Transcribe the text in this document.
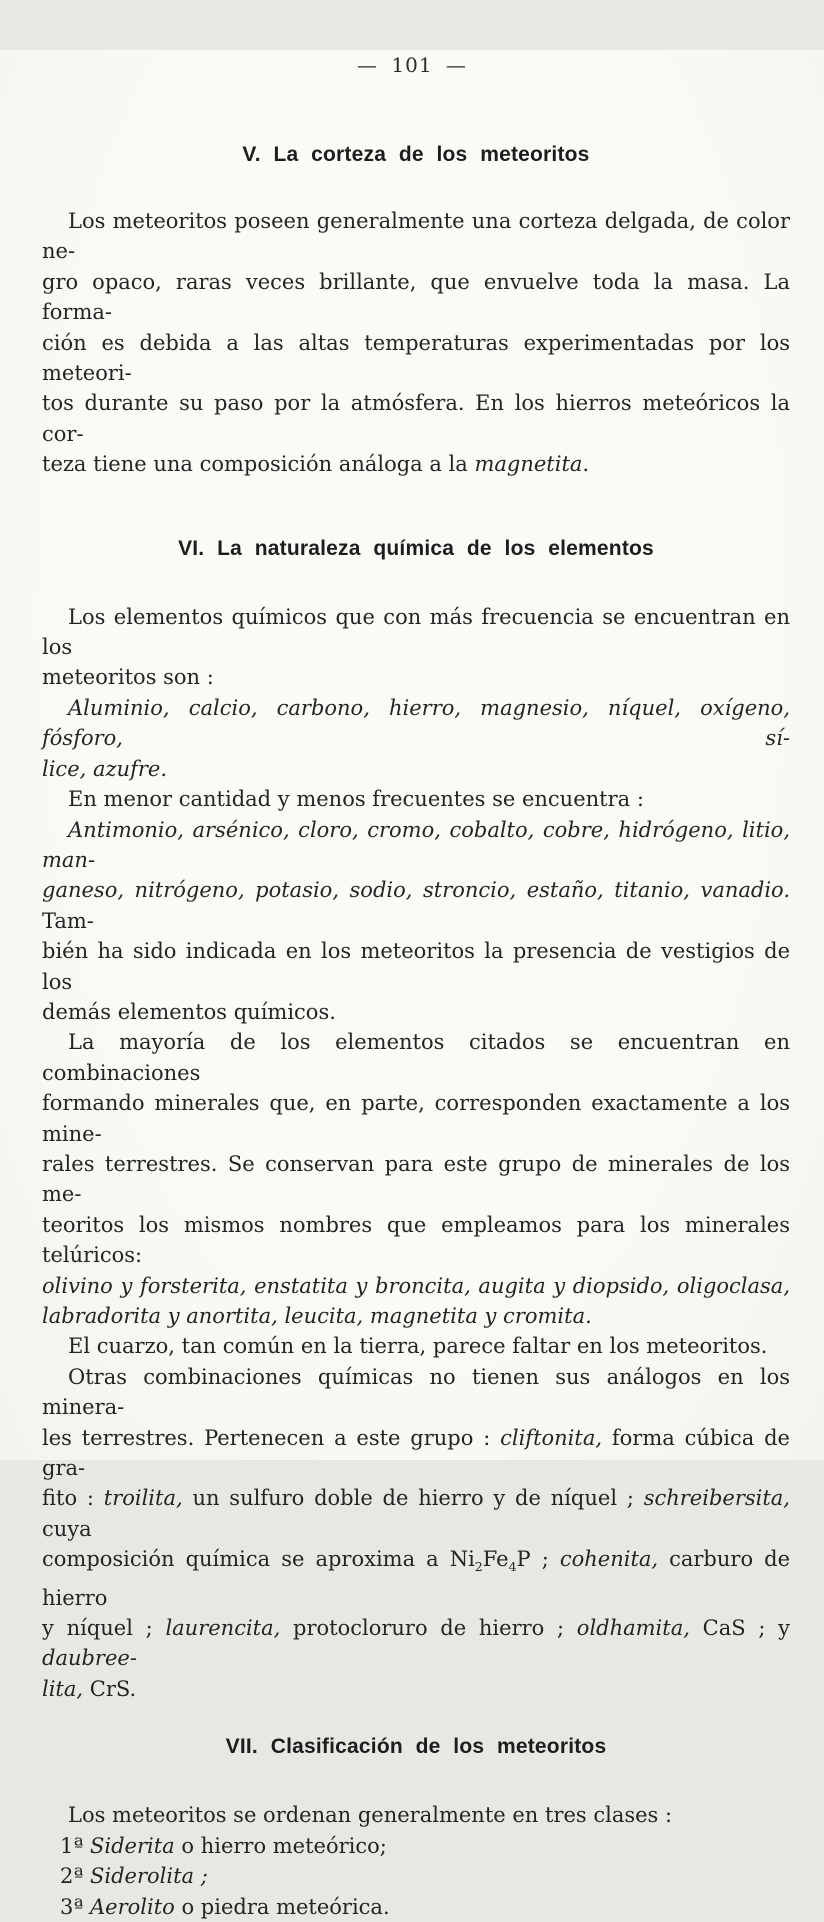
— 101 —
V. La corteza de los meteoritos
Los meteoritos poseen generalmente una corteza delgada, de color ne-
gro opaco, raras veces brillante, que envuelve toda la masa. La forma-
ción es debida a las altas temperaturas experimentadas por los meteori-
tos durante su paso por la atmósfera. En los hierros meteóricos la cor-
teza tiene una composición análoga a la magnetita.
VI. La naturaleza química de los elementos
Los elementos químicos que con más frecuencia se encuentran en los
meteoritos son :
Aluminio, calcio, carbono, hierro, magnesio, níquel, oxígeno, fósforo, sí-
lice, azufre.
En menor cantidad y menos frecuentes se encuentra :
Antimonio, arsénico, cloro, cromo, cobalto, cobre, hidrógeno, litio, man-
ganeso, nitrógeno, potasio, sodio, stroncio, estaño, titanio, vanadio. Tam-
bién ha sido indicada en los meteoritos la presencia de vestigios de los
demás elementos químicos.
La mayoría de los elementos citados se encuentran en combinaciones
formando minerales que, en parte, corresponden exactamente a los mine-
rales terrestres. Se conservan para este grupo de minerales de los me-
teoritos los mismos nombres que empleamos para los minerales telúricos:
olivino y forsterita, enstatita y broncita, augita y diopsido, oligoclasa,
labradorita y anortita, leucita, magnetita y cromita.
El cuarzo, tan común en la tierra, parece faltar en los meteoritos.
Otras combinaciones químicas no tienen sus análogos en los minera-
les terrestres. Pertenecen a este grupo : cliftonita, forma cúbica de gra-
fito : troilita, un sulfuro doble de hierro y de níquel ; schreibersita, cuya
composición química se aproxima a $Ni_2Fe_4P$ ; cohenita, carburo de hierro
y níquel ; laurencita, protocloruro de hierro ; oldhamita, CaS ; y daubree-
lita, CrS.
VII. Clasificación de los meteoritos
Los meteoritos se ordenan generalmente en tres clases :
1ª Siderita o hierro meteórico;
2ª Siderolita ;
3ª Aerolito o piedra meteórica.
